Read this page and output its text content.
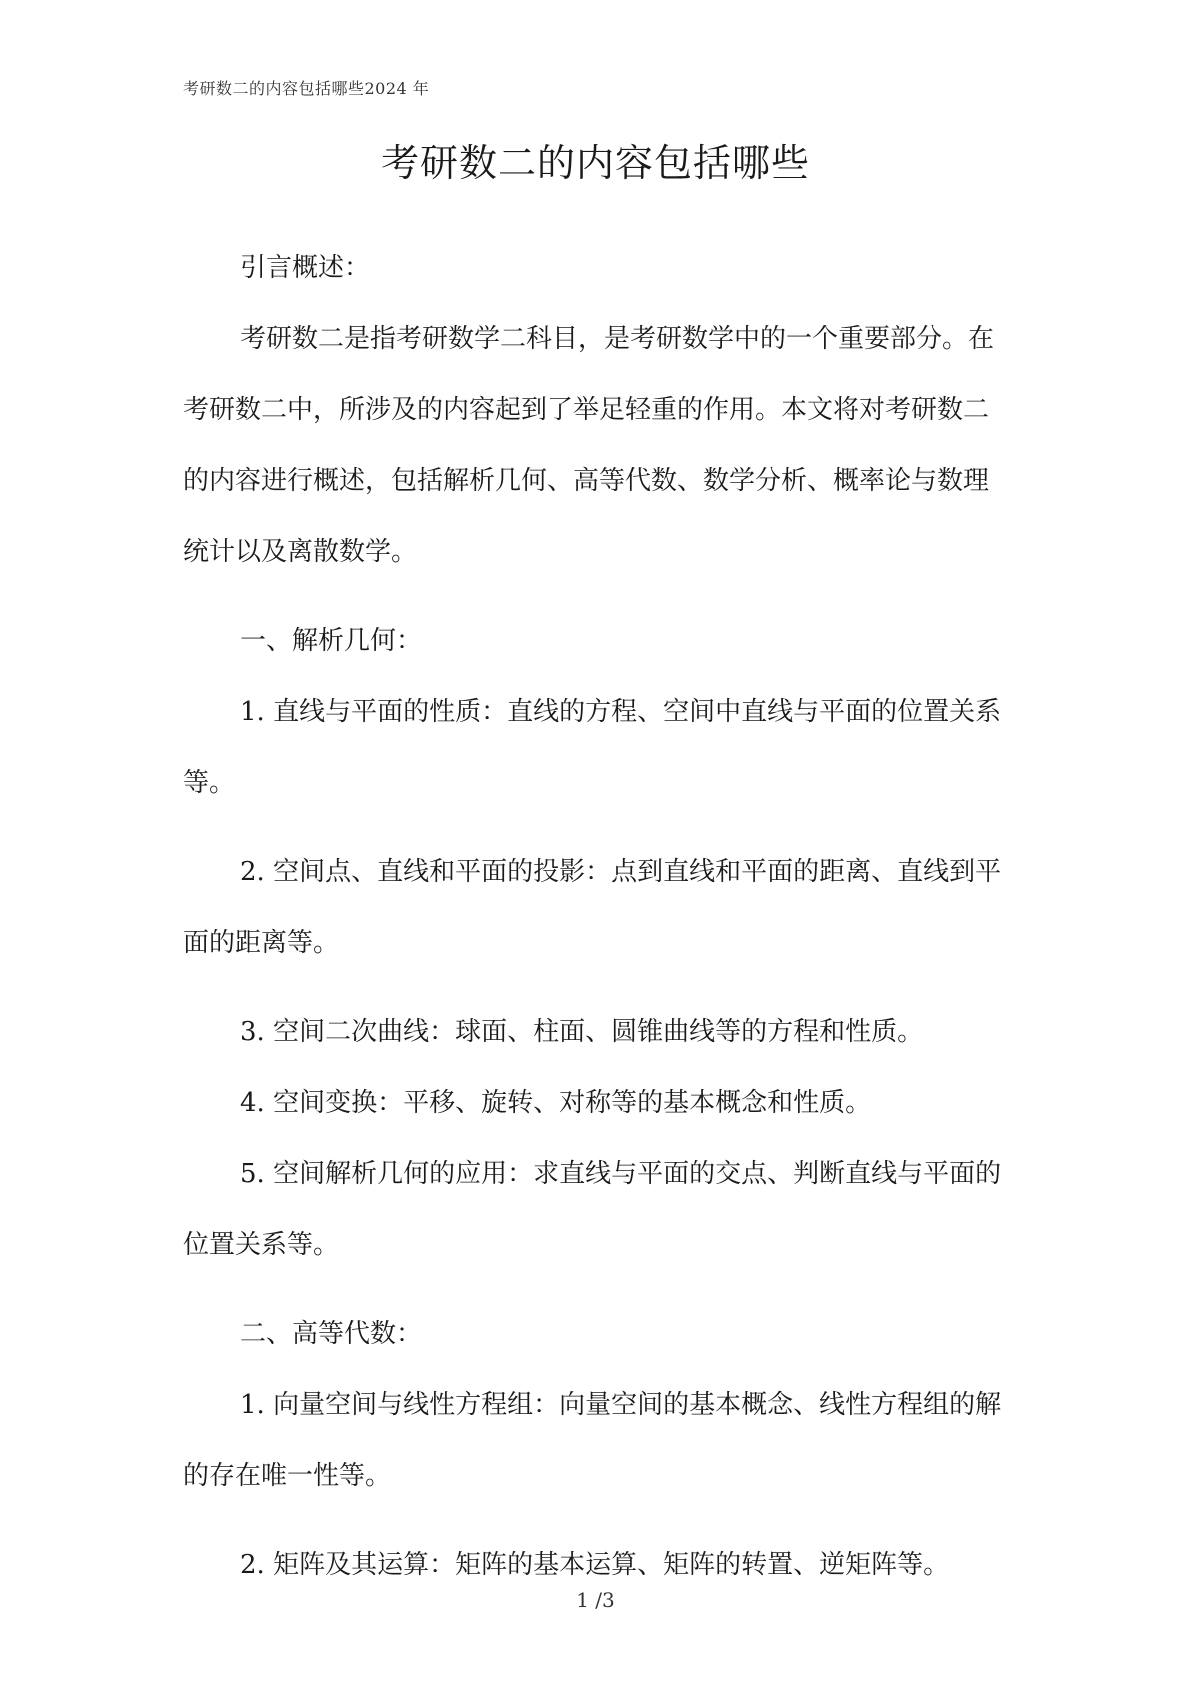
考研数二的内容包括哪些2024 年
考研数二的内容包括哪些

引言概述：

考研数二是指考研数学二科目，是考研数学中的一个重要部分。在考研数二中，所涉及的内容起到了举足轻重的作用。本文将对考研数二的内容进行概述，包括解析几何、高等代数、数学分析、概率论与数理统计以及离散数学。

一、解析几何：

1. 直线与平面的性质：直线的方程、空间中直线与平面的位置关系等。

2. 空间点、直线和平面的投影：点到直线和平面的距离、直线到平面的距离等。

3. 空间二次曲线：球面、柱面、圆锥曲线等的方程和性质。

4. 空间变换：平移、旋转、对称等的基本概念和性质。

5. 空间解析几何的应用：求直线与平面的交点、判断直线与平面的位置关系等。

二、高等代数：

1. 向量空间与线性方程组：向量空间的基本概念、线性方程组的解的存在唯一性等。

2. 矩阵及其运算：矩阵的基本运算、矩阵的转置、逆矩阵等。

1 /3
